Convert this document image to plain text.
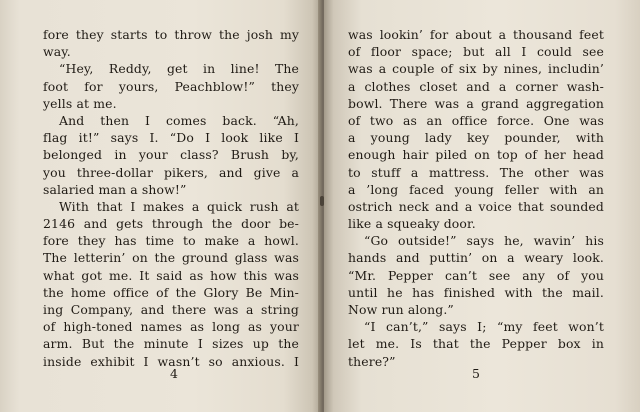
fore they starts to throw the josh my
way.
“Hey, Reddy, get in line! The
foot for yours, Peachblow!” they
yells at me.
And then I comes back. “Ah,
flag it!” says I. “Do I look like I
belonged in your class? Brush by,
you three-dollar pikers, and give a
salaried man a show!”
With that I makes a quick rush at
2146 and gets through the door be-
fore they has time to make a howl.
The letterin’ on the ground glass was
what got me. It said as how this was
the home office of the Glory Be Min-
ing Company, and there was a string
of high-toned names as long as your
arm. But the minute I sizes up the
inside exhibit I wasn’t so anxious. I
4
was lookin’ for about a thousand feet
of floor space; but all I could see
was a couple of six by nines, includin’
a clothes closet and a corner wash-
bowl. There was a grand aggregation
of two as an office force. One was
a young lady key pounder, with
enough hair piled on top of her head
to stuff a mattress. The other was
a ’long faced young feller with an
ostrich neck and a voice that sounded
like a squeaky door.
“Go outside!” says he, wavin’ his
hands and puttin’ on a weary look.
“Mr. Pepper can’t see any of you
until he has finished with the mail.
Now run along.”
“I can’t,” says I; “my feet won’t
let me. Is that the Pepper box in
there?”
5
